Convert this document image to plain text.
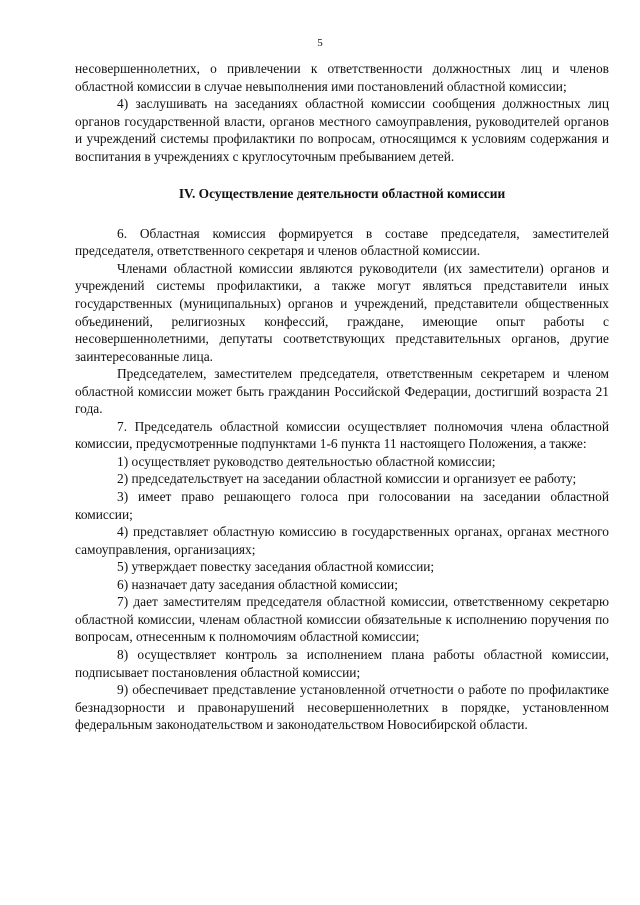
5

несовершеннолетних, о привлечении к ответственности должностных лиц и членов областной комиссии в случае невыполнения ими постановлений областной комиссии;

4) заслушивать на заседаниях областной комиссии сообщения должностных лиц органов государственной власти, органов местного самоуправления, руководителей органов и учреждений системы профилактики по вопросам, относящимся к условиям содержания и воспитания в учреждениях с круглосуточным пребыванием детей.

IV. Осуществление деятельности областной комиссии

6. Областная комиссия формируется в составе председателя, заместителей председателя, ответственного секретаря и членов областной комиссии.

Членами областной комиссии являются руководители (их заместители) органов и учреждений системы профилактики, а также могут являться представители иных государственных (муниципальных) органов и учреждений, представители общественных объединений, религиозных конфессий, граждане, имеющие опыт работы с несовершеннолетними, депутаты соответствующих представительных органов, другие заинтересованные лица.

Председателем, заместителем председателя, ответственным секретарем и членом областной комиссии может быть гражданин Российской Федерации, достигший возраста 21 года.

7. Председатель областной комиссии осуществляет полномочия члена областной комиссии, предусмотренные подпунктами 1-6 пункта 11 настоящего Положения, а также:

1) осуществляет руководство деятельностью областной комиссии;

2) председательствует на заседании областной комиссии и организует ее работу;

3) имеет право решающего голоса при голосовании на заседании областной комиссии;

4) представляет областную комиссию в государственных органах, органах местного самоуправления, организациях;

5) утверждает повестку заседания областной комиссии;

6) назначает дату заседания областной комиссии;

7) дает заместителям председателя областной комиссии, ответственному секретарю областной комиссии, членам областной комиссии обязательные к исполнению поручения по вопросам, отнесенным к полномочиям областной комиссии;

8) осуществляет контроль за исполнением плана работы областной комиссии, подписывает постановления областной комиссии;

9) обеспечивает представление установленной отчетности о работе по профилактике безнадзорности и правонарушений несовершеннолетних в порядке, установленном федеральным законодательством и законодательством Новосибирской области.
